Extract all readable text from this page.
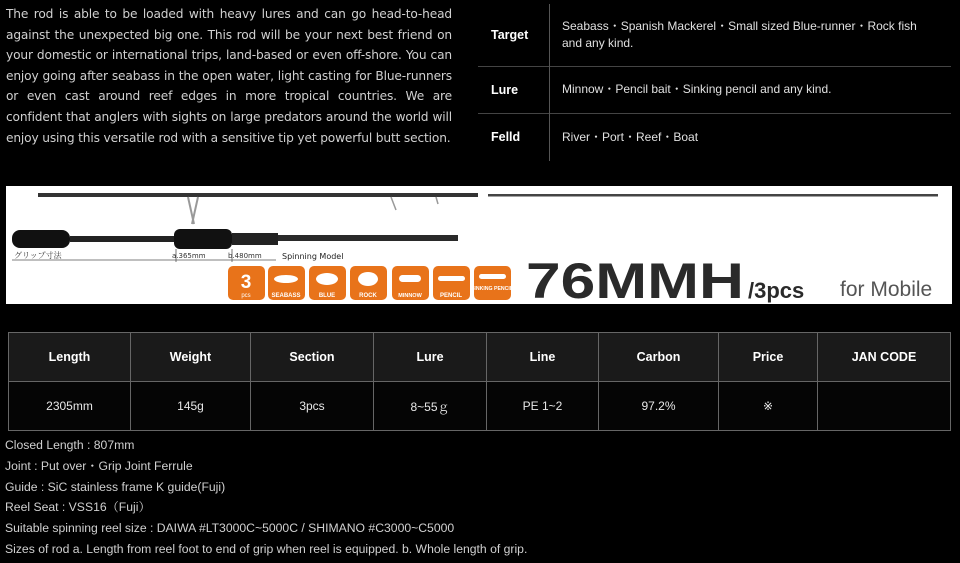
The rod is able to be loaded with heavy lures and can go head-to-head against the unexpected big one. This rod will be your next best friend on your domestic or international trips, land-based or even off-shore. You can enjoy going after seabass in the open water, light casting for Blue-runners or even cast around reef edges in more tropical countries. We are confident that anglers with sights on large predators around the world will enjoy using this versatile rod with a sensitive tip yet powerful butt section.
Target	Seabass・Spanish Mackerel・Small sized Blue-runner・Rock fish and any kind.
Lure	Minnow・Pencil bait・Sinking pencil and any kind.
Felld	River・Port・Reef・Boat
グリップ寸法	a.365mm	b.480mm	Spinning Model
3
pcs	SEABASS	BLUE	ROCK	MINNOW	PENCIL
SINKING PENCIL 76MMH /3pcs for Mobile
Length	Weight	Section	Lure	Line	Carbon	Price	JAN CODE
2305mm	145g	3pcs	8~55ｇ	PE 1~2	97.2%	※	
Closed Length : 807mm
Joint : Put over・Grip Joint Ferrule
Guide : SiC stainless frame K guide(Fuji)
Reel Seat : VSS16（Fuji）
Suitable spinning reel size : DAIWA #LT3000C~5000C / SHIMANO #C3000~C5000
Sizes of rod a. Length from reel foot to end of grip when reel is equipped. b. Whole length of grip.
